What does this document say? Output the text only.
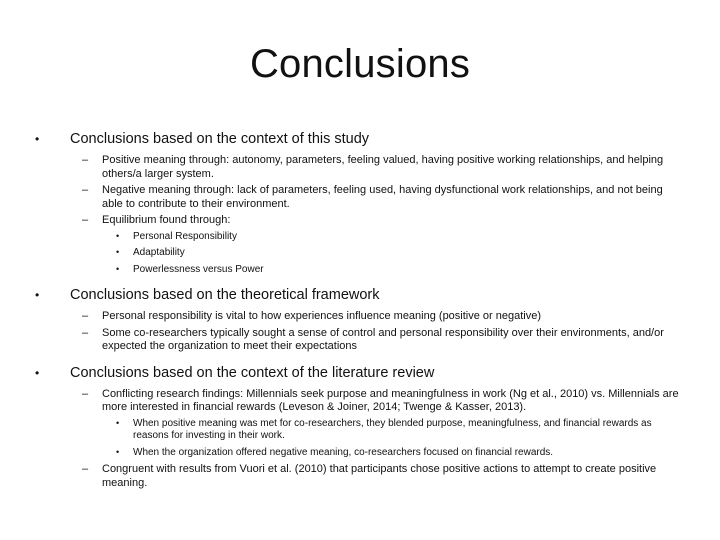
Conclusions
• Conclusions based on the context of this study
– Positive meaning through: autonomy, parameters, feeling valued, having positive working relationships, and helping others/a larger system.
– Negative meaning through: lack of parameters, feeling used, having dysfunctional work relationships, and not being able to contribute to their environment.
– Equilibrium found through:
• Personal Responsibility
• Adaptability
• Powerlessness versus Power
• Conclusions based on the theoretical framework
– Personal responsibility is vital to how experiences influence meaning (positive or negative)
– Some co-researchers typically sought a sense of control and personal responsibility over their environments, and/or expected the organization to meet their expectations
• Conclusions based on the context of the literature review
– Conflicting research findings: Millennials seek purpose and meaningfulness in work (Ng et al., 2010) vs. Millennials are more interested in financial rewards (Leveson & Joiner, 2014; Twenge & Kasser, 2013).
• When positive meaning was met for co-researchers, they blended purpose, meaningfulness, and financial rewards as reasons for investing in their work.
• When the organization offered negative meaning, co-researchers focused on financial rewards.
– Congruent with results from Vuori et al. (2010) that participants chose positive actions to attempt to create positive meaning.
